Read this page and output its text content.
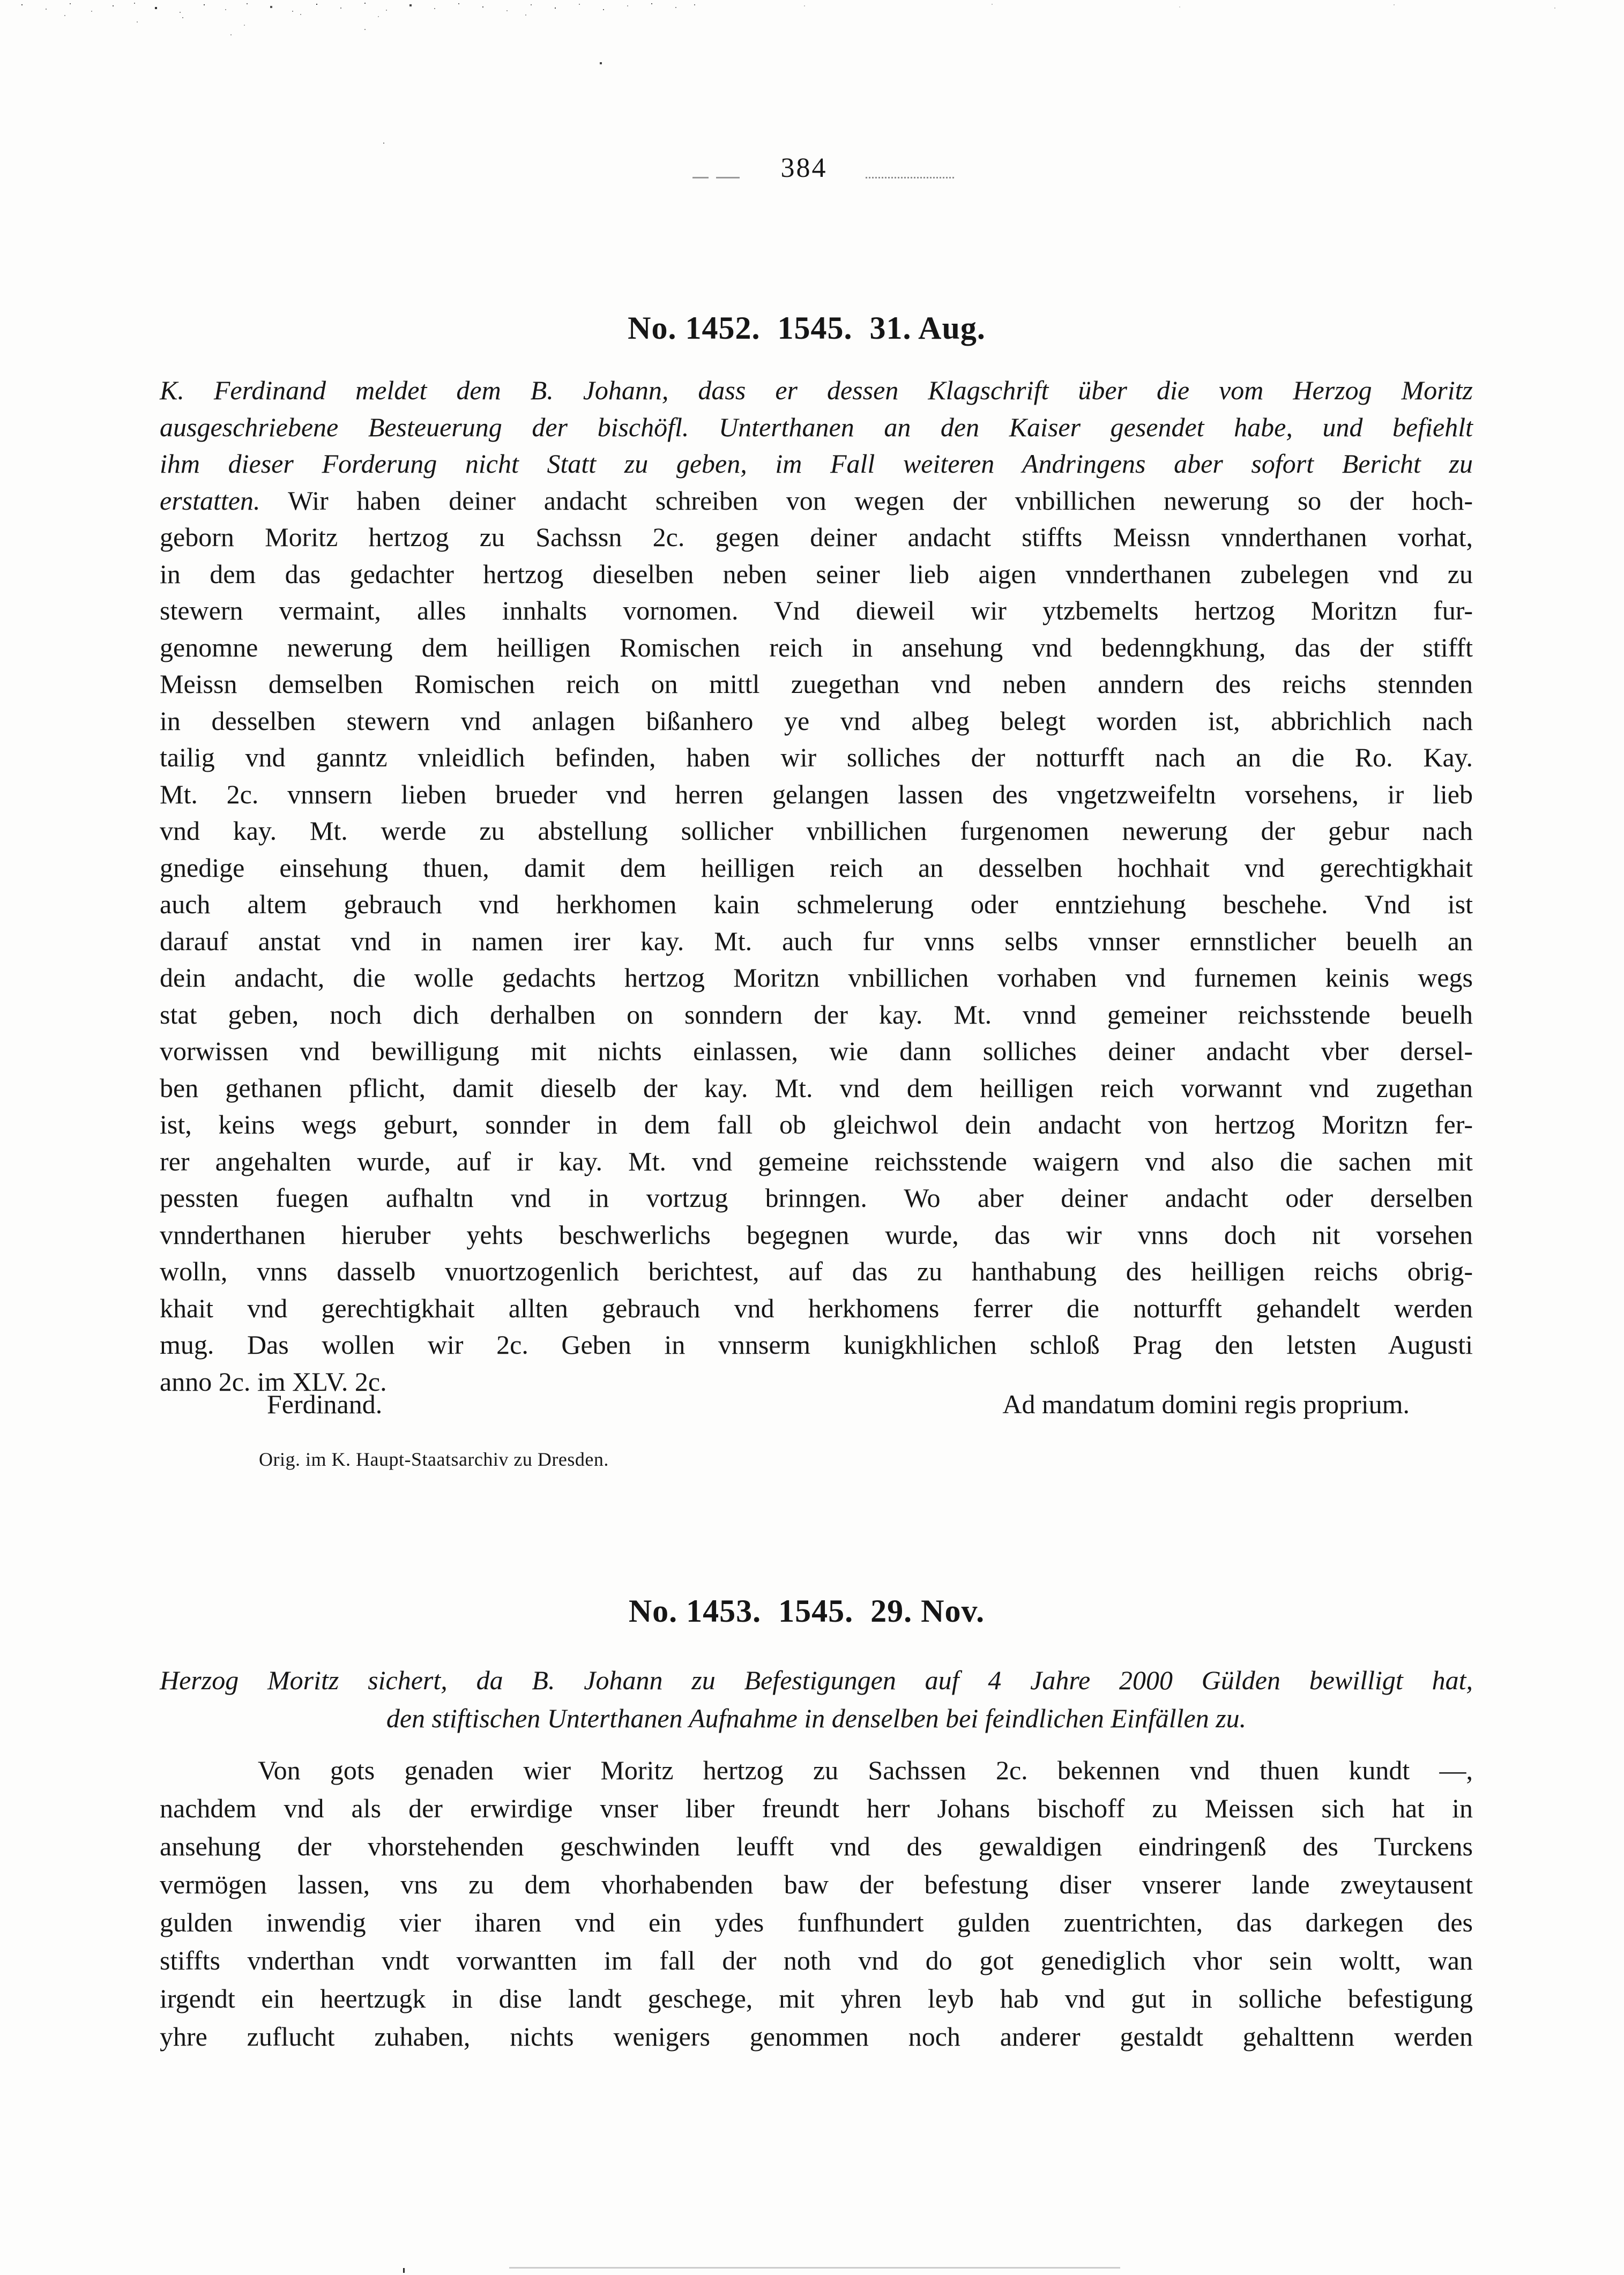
384
No. 1452.  1545.  31. Aug.
K. Ferdinand meldet dem B. Johann, dass er dessen Klagschrift über die vom Herzog Moritz
ausgeschriebene Besteuerung der bischöfl. Unterthanen an den Kaiser gesendet habe, und befiehlt
ihm dieser Forderung nicht Statt zu geben, im Fall weiteren Andringens aber sofort Bericht zu
erstatten. Wir haben deiner andacht schreiben von wegen der vnbillichen newerung so der hoch-
geborn Moritz hertzog zu Sachssn 2c. gegen deiner andacht stiffts Meissn vnnderthanen vorhat,
in dem das gedachter hertzog dieselben neben seiner lieb aigen vnnderthanen zubelegen vnd zu
stewern vermaint, alles innhalts vornomen. Vnd dieweil wir ytzbemelts hertzog Moritzn fur-
genomne newerung dem heilligen Romischen reich in ansehung vnd bedenngkhung, das der stifft
Meissn demselben Romischen reich on mittl zuegethan vnd neben anndern des reichs stennden
in desselben stewern vnd anlagen bißanhero ye vnd albeg belegt worden ist, abbrichlich nach
tailig vnd ganntz vnleidlich befinden, haben wir solliches der notturfft nach an die Ro. Kay.
Mt. 2c. vnnsern lieben brueder vnd herren gelangen lassen des vngetzweifeltn vorsehens, ir lieb
vnd kay. Mt. werde zu abstellung sollicher vnbillichen furgenomen newerung der gebur nach
gnedige einsehung thuen, damit dem heilligen reich an desselben hochhait vnd gerechtigkhait
auch altem gebrauch vnd herkhomen kain schmelerung oder enntziehung beschehe. Vnd ist
darauf anstat vnd in namen irer kay. Mt. auch fur vnns selbs vnnser ernnstlicher beuelh an
dein andacht, die wolle gedachts hertzog Moritzn vnbillichen vorhaben vnd furnemen keinis wegs
stat geben, noch dich derhalben on sonndern der kay. Mt. vnnd gemeiner reichsstende beuelh
vorwissen vnd bewilligung mit nichts einlassen, wie dann solliches deiner andacht vber dersel-
ben gethanen pflicht, damit dieselb der kay. Mt. vnd dem heilligen reich vorwannt vnd zugethan
ist, keins wegs geburt, sonnder in dem fall ob gleichwol dein andacht von hertzog Moritzn fer-
rer angehalten wurde, auf ir kay. Mt. vnd gemeine reichsstende waigern vnd also die sachen mit
pessten fuegen aufhaltn vnd in vortzug brinngen. Wo aber deiner andacht oder derselben
vnnderthanen hieruber yehts beschwerlichs begegnen wurde, das wir vnns doch nit vorsehen
wolln, vnns dasselb vnuortzogenlich berichtest, auf das zu hanthabung des heilligen reichs obrig-
khait vnd gerechtigkhait allten gebrauch vnd herkhomens ferrer die notturfft gehandelt werden
mug. Das wollen wir 2c. Geben in vnnserm kunigkhlichen schloß Prag den letsten Augusti
anno 2c. im XLV. 2c.
Ferdinand.	Ad mandatum domini regis proprium.
Orig. im K. Haupt-Staatsarchiv zu Dresden.
No. 1453.  1545.  29. Nov.
Herzog Moritz sichert, da B. Johann zu Befestigungen auf 4 Jahre 2000 Gülden bewilligt hat,
den stiftischen Unterthanen Aufnahme in denselben bei feindlichen Einfällen zu.
Von gots genaden wier Moritz hertzog zu Sachssen 2c. bekennen vnd thuen kundt —,
nachdem vnd als der erwirdige vnser liber freundt herr Johans bischoff zu Meissen sich hat in
ansehung der vhorstehenden geschwinden leufft vnd des gewaldigen eindringenß des Turckens
vermögen lassen, vns zu dem vhorhabenden baw der befestung diser vnserer lande zweytausent
gulden inwendig vier iharen vnd ein ydes funfhundert gulden zuentrichten, das darkegen des
stiffts vnderthan vndt vorwantten im fall der noth vnd do got genediglich vhor sein woltt, wan
irgendt ein heertzugk in dise landt geschege, mit yhren leyb hab vnd gut in solliche befestigung
yhre zuflucht zuhaben, nichts wenigers genommen noch anderer gestaldt gehalttenn werden
